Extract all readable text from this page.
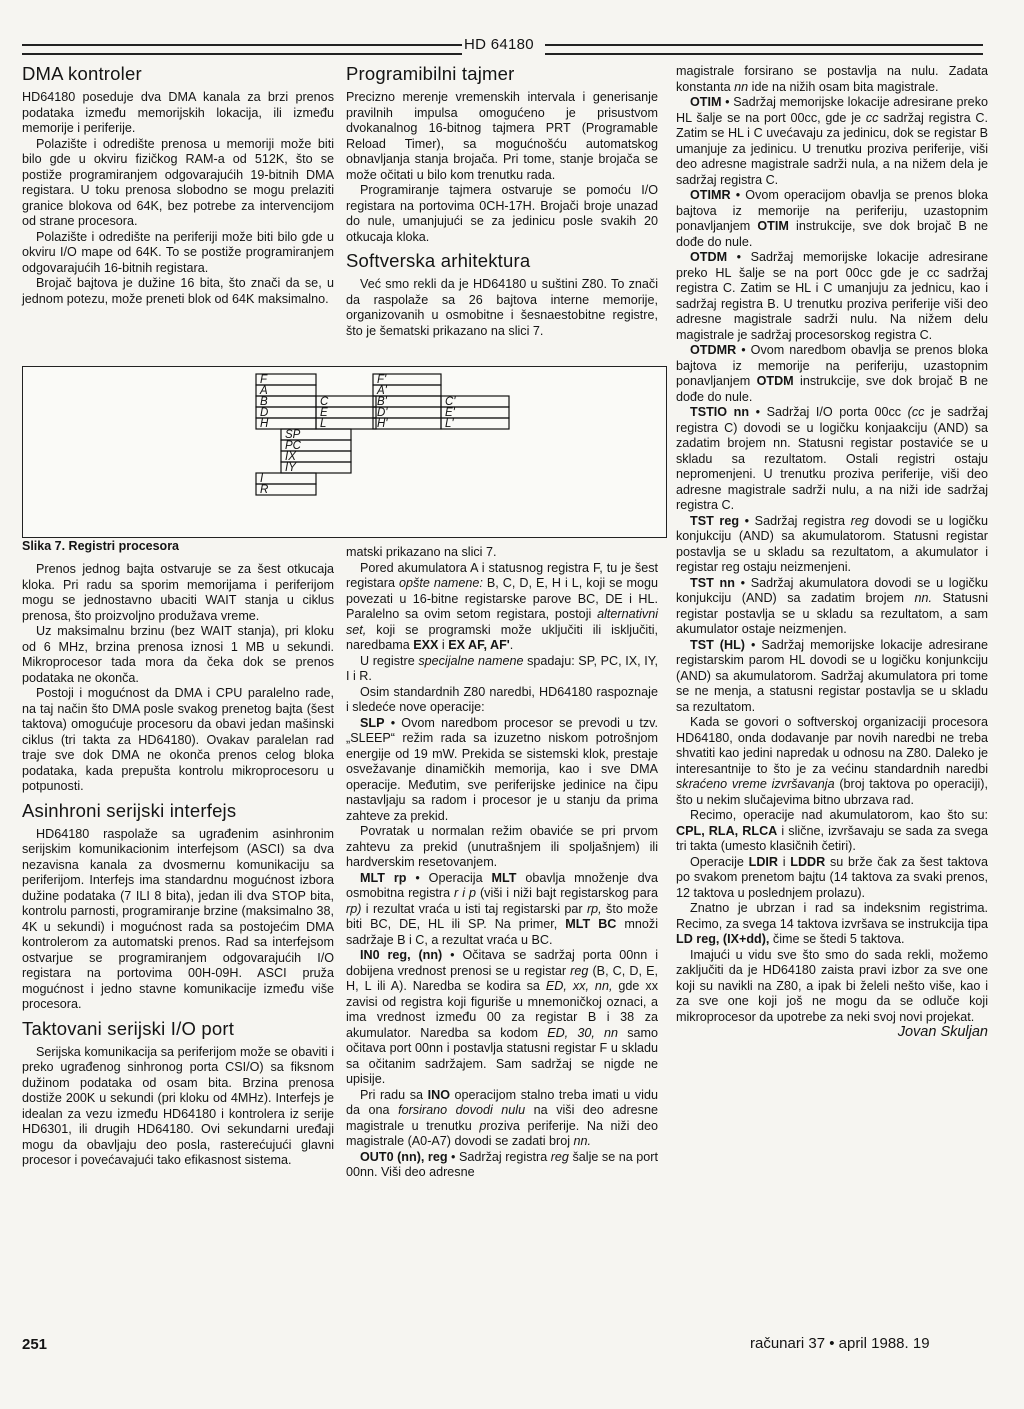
HD 64180
DMA kontroler

HD64180 poseduje dva DMA kanala za brzi prenos podataka između memorijskih lokacija, ili između memorije i periferije.

Polazište i odredište prenosa u memoriji može biti bilo gde u okviru fizičkog RAM-a od 512K, što se postiže programiranjem odgovarajućih 19-bitnih DMA registara. U toku prenosa slobodno se mogu prelaziti granice blokova od 64K, bez potrebe za intervencijom od strane procesora.

Polazište i odredište na periferiji može biti bilo gde u okviru I/O mape od 64K. To se postiže programiranjem odgovarajućih 16-bitnih registara.

Brojač bajtova je dužine 16 bita, što znači da se, u jednom potezu, može preneti blok od 64K maksimalno.

Programibilni tajmer

Precizno merenje vremenskih intervala i generisanje pravilnih impulsa omogućeno je prisustvom dvokanalnog 16-bitnog tajmera PRT (Programable Reload Timer), sa mogućnošću automatskog obnavljanja stanja brojača. Pri tome, stanje brojača se može očitati u bilo kom trenutku rada.

Programiranje tajmera ostvaruje se pomoću I/O registara na portovima 0CH-17H. Brojači broje unazad do nule, umanjujući se za jedinicu posle svakih 20 otkucaja kloka.

Softverska arhitektura

Već smo rekli da je HD64180 u suštini Z80. To znači da raspolaže sa 26 bajtova interne memorije, organizovanih u osmobitne i šesnaestobitne registre, što je šematski prikazano na slici 7.

F
A
B
D
H
C
E
L
SP
PC
IX
IY
I
R
F'
A'
B'
D'
H'
C'
E'
L'
Slika 7. Registri procesora

Prenos jednog bajta ostvaruje se za šest otkucaja kloka. Pri radu sa sporim memorijama i periferijom mogu se jednostavno ubaciti WAIT stanja u ciklus prenosa, što proizvoljno produžava vreme.

Uz maksimalnu brzinu (bez WAIT stanja), pri kloku od 6 MHz, brzina prenosa iznosi 1 MB u sekundi. Mikroprocesor tada mora da čeka dok se prenos podataka ne okonča.

Postoji i mogućnost da DMA i CPU paralelno rade, na taj način što DMA posle svakog prenetog bajta (šest taktova) omogućuje procesoru da obavi jedan mašinski ciklus (tri takta za HD64180). Ovakav paralelan rad traje sve dok DMA ne okonča prenos celog bloka podataka, kada prepušta kontrolu mikroprocesoru u potpunosti.

Asinhroni serijski interfejs

HD64180 raspolaže sa ugrađenim asinhronim serijskim komunikacionim interfejsom (ASCI) sa dva nezavisna kanala za dvosmernu komunikaciju sa periferijom. Interfejs ima standardnu mogućnost izbora dužine podataka (7 ILI 8 bita), jedan ili dva STOP bita, kontrolu parnosti, programiranje brzine (maksimalno 38, 4K u sekundi) i mogućnost rada sa postojećim DMA kontrolerom za automatski prenos. Rad sa interfejsom ostvarjue se programiranjem odgovarajućih I/O registara na portovima 00H-09H. ASCI pruža mogućnost i jedno stavne komunikacije između više procesora.

Taktovani serijski I/O port

Serijska komunikacija sa periferijom može se obaviti i preko ugrađenog sinhronog porta CSI/O) sa fiksnom dužinom podataka od osam bita. Brzina prenosa dostiže 200K u sekundi (pri kloku od 4MHz). Interfejs je idealan za vezu između HD64180 i kontrolera iz serije HD6301, ili drugih HD64180. Ovi sekundarni uređaji mogu da obavljaju deo posla, rasterećujući glavni procesor i povećavajući tako efikasnost sistema.

matski prikazano na slici 7.

Pored akumulatora A i statusnog registra F, tu je šest registara opšte namene: B, C, D, E, H i L, koji se mogu povezati u 16-bitne registarske parove BC, DE i HL. Paralelno sa ovim setom registara, postoji alternativni set, koji se programski može uključiti ili isključiti, naredbama EXX i EX AF, AF'.

U registre specijalne namene spadaju: SP, PC, IX, IY, I i R.

Osim standardnih Z80 naredbi, HD64180 raspoznaje i sledeće nove operacije:

SLP • Ovom naredbom procesor se prevodi u tzv. „SLEEP“ režim rada sa izuzetno niskom potrošnjom energije od 19 mW. Prekida se sistemski klok, prestaje osvežavanje dinamičkih memorija, kao i sve DMA operacije. Međutim, sve periferijske jedinice na čipu nastavljaju sa radom i procesor je u stanju da prima zahteve za prekid.

Povratak u normalan režim obaviće se pri prvom zahtevu za prekid (unutrašnjem ili spoljašnjem) ili hardverskim resetovanjem.

MLT rp • Operacija MLT obavlja množenje dva osmobitna registra r i p (viši i niži bajt registarskog para rp) i rezultat vraća u isti taj registarski par rp, što može biti BC, DE, HL ili SP. Na primer, MLT BC množi sadržaje B i C, a rezultat vraća u BC.

IN0 reg, (nn) • Očitava se sadržaj porta 00nn i dobijena vrednost prenosi se u registar reg (B, C, D, E, H, L ili A). Naredba se kodira sa ED, xx, nn, gde xx zavisi od registra koji figuriše u mnemoničkoj oznaci, a ima vrednost između 00 za registar B i 38 za akumulator. Naredba sa kodom ED, 30, nn samo očitava port 00nn i postavlja statusni registar F u skladu sa očitanim sadržajem. Sam sadržaj se nigde ne upisije.

Pri radu sa INO operacijom stalno treba imati u vidu da ona forsirano dovodi nulu na viši deo adresne magistrale u trenutku proziva periferije. Na niži deo magistrale (A0-A7) dovodi se zadati broj nn.

OUT0 (nn), reg • Sadržaj registra reg šalje se na port 00nn. Viši deo adresne

magistrale forsirano se postavlja na nulu. Zadata konstanta nn ide na nižih osam bita magistrale.

OTIM • Sadržaj memorijske lokacije adresirane preko HL šalje se na port 00cc, gde je cc sadržaj registra C. Zatim se HL i C uvećavaju za jedinicu, dok se registar B umanjuje za jedinicu. U trenutku proziva periferije, viši deo adresne magistrale sadrži nula, a na nižem dela je sadržaj registra C.

OTIMR • Ovom operacijom obavlja se prenos bloka bajtova iz memorije na periferiju, uzastopnim ponavljanjem OTIM instrukcije, sve dok brojač B ne dođe do nule.

OTDM • Sadržaj memorijske lokacije adresirane preko HL šalje se na port 00cc gde je cc sadržaj registra C. Zatim se HL i C umanjuju za jednicu, kao i sadržaj registra B. U trenutku proziva periferije viši deo adresne magistrale sadrži nulu. Na nižem delu magistrale je sadržaj procesorskog registra C.

OTDMR • Ovom naredbom obavlja se prenos bloka bajtova iz memorije na periferiju, uzastopnim ponavljanjem OTDM instrukcije, sve dok brojač B ne dođe do nule.

TSTIO nn • Sadržaj I/O porta 00cc (cc je sadržaj registra C) dovodi se u logičku konjaakciju (AND) sa zadatim brojem nn. Statusni registar postaviće se u skladu sa rezultatom. Ostali registri ostaju nepromenjeni. U trenutku proziva periferije, viši deo adresne magistrale sadrži nulu, a na niži ide sadržaj registra C.

TST reg • Sadržaj registra reg dovodi se u logičku konjukciju (AND) sa akumulatorom. Statusni registar postavlja se u skladu sa rezultatom, a akumulator i registar reg ostaju neizmenjeni.

TST nn • Sadržaj akumulatora dovodi se u logičku konjukciju (AND) sa zadatim brojem nn. Statusni registar postavlja se u skladu sa rezultatom, a sam akumulator ostaje neizmenjen.

TST (HL) • Sadržaj memorijske lokacije adresirane registarskim parom HL dovodi se u logičku konjunkciju (AND) sa akumulatorom. Sadržaj akumulatora pri tome se ne menja, a statusni registar postavlja se u skladu sa rezultatom.

Kada se govori o softverskoj organizaciji procesora HD64180, onda dodavanje par novih naredbi ne treba shvatiti kao jedini napredak u odnosu na Z80. Daleko je interesantnije to što je za većinu standardnih naredbi skraćeno vreme izvršavanja (broj taktova po operaciji), što u nekim slučajevima bitno ubrzava rad.

Recimo, operacije nad akumulatorom, kao što su: CPL, RLA, RLCA i slične, izvršavaju se sada za svega tri takta (umesto klasičnih četiri).

Operacije LDIR i LDDR su brže čak za šest taktova po svakom prenetom bajtu (14 taktova za svaki prenos, 12 taktova u poslednjem prolazu).

Znatno je ubrzan i rad sa indeksnim registrima. Recimo, za svega 14 taktova izvršava se instrukcija tipa LD reg, (IX+dd), čime se štedi 5 taktova.

Imajući u vidu sve što smo do sada rekli, možemo zaključiti da je HD64180 zaista pravi izbor za sve one koji su navikli na Z80, a ipak bi želeli nešto više, kao i za sve one koji još ne mogu da se odluče koji mikroprocesor da upotrebe za neki svoj novi projekat.

Jovan Skuljan
251	računari 37 • april 1988. 19
